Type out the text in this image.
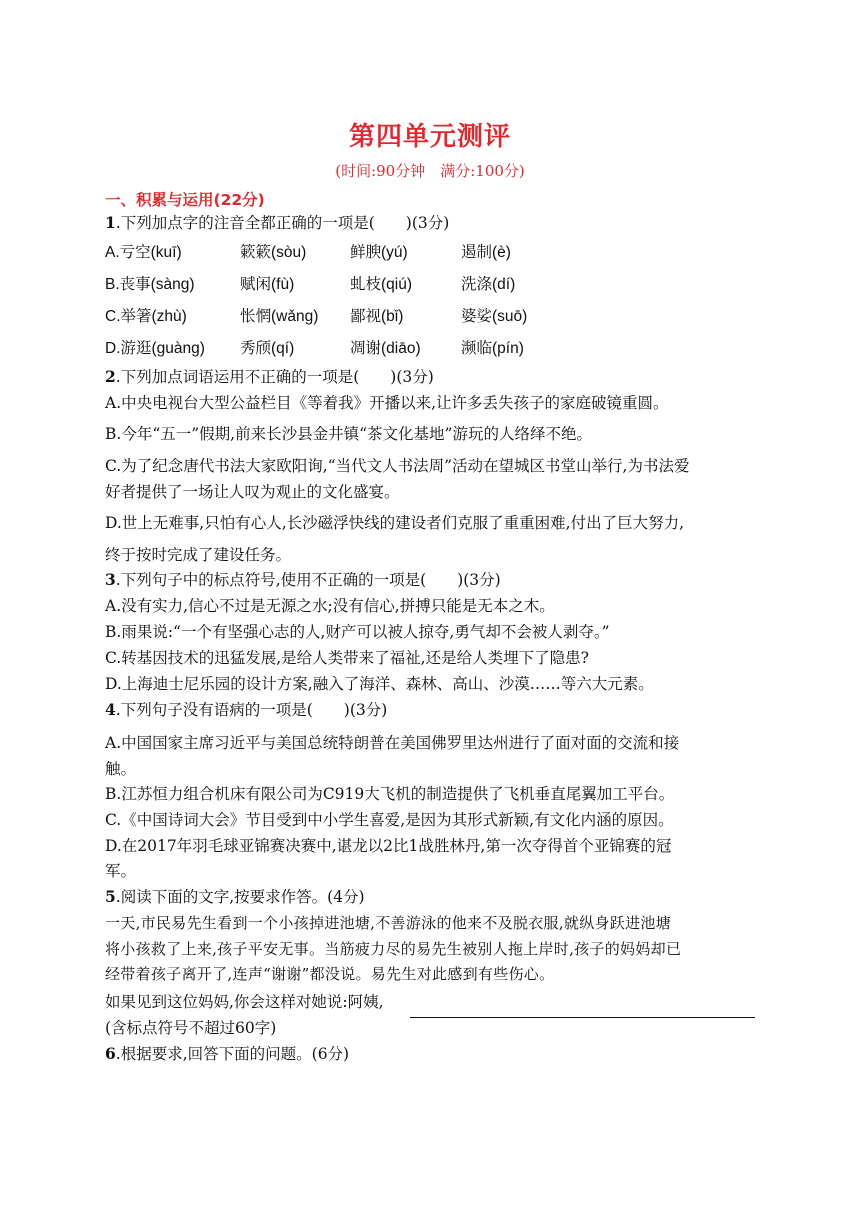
第四单元测评
(时间:90分钟　满分:100分)
一、积累与运用(22分)
1.下列加点字的注音全都正确的一项是(　　)(3分)
A.亏空(kuī)	簌簌(sòu)	鲜腴(yú)	遏制(è)
B.丧事(sàng)	赋闲(fù)	虬枝(qiú)	洗涤(dí)
C.举箸(zhù)	怅惘(wǎng) 鄙视(bǐ)	婆娑(suō)
D.游逛(guàng) 秀颀(qí)	凋谢(diāo)	濒临(pín)
2.下列加点词语运用不正确的一项是(　　)(3分)
A.中央电视台大型公益栏目《等着我》开播以来,让许多丢失孩子的家庭破镜重圆。
B.今年“五一”假期,前来长沙县金井镇“茶文化基地”游玩的人络绎不绝。
C.为了纪念唐代书法大家欧阳询,“当代文人书法周”活动在望城区书堂山举行,为书法爱
好者提供了一场让人叹为观止的文化盛宴。
D.世上无难事,只怕有心人,长沙磁浮快线的建设者们克服了重重困难,付出了巨大努力,
终于按时完成了建设任务。
3.下列句子中的标点符号,使用不正确的一项是(　　)(3分)
A.没有实力,信心不过是无源之水;没有信心,拼搏只能是无本之木。
B.雨果说:“一个有坚强心志的人,财产可以被人掠夺,勇气却不会被人剥夺。”
C.转基因技术的迅猛发展,是给人类带来了福祉,还是给人类埋下了隐患?
D.上海迪士尼乐园的设计方案,融入了海洋、森林、高山、沙漠……等六大元素。
4.下列句子没有语病的一项是(　　)(3分)
A.中国国家主席习近平与美国总统特朗普在美国佛罗里达州进行了面对面的交流和接
触。
B.江苏恒力组合机床有限公司为C919大飞机的制造提供了飞机垂直尾翼加工平台。
C.《中国诗词大会》节目受到中小学生喜爱,是因为其形式新颖,有文化内涵的原因。
D.在2017年羽毛球亚锦赛决赛中,谌龙以2比1战胜林丹,第一次夺得首个亚锦赛的冠
军。
5.阅读下面的文字,按要求作答。(4分)
一天,市民易先生看到一个小孩掉进池塘,不善游泳的他来不及脱衣服,就纵身跃进池塘
将小孩救了上来,孩子平安无事。当筋疲力尽的易先生被别人拖上岸时,孩子的妈妈却已
经带着孩子离开了,连声“谢谢”都没说。易先生对此感到有些伤心。
如果见到这位妈妈,你会这样对她说:阿姨,
(含标点符号不超过60字)
6.根据要求,回答下面的问题。(6分)
